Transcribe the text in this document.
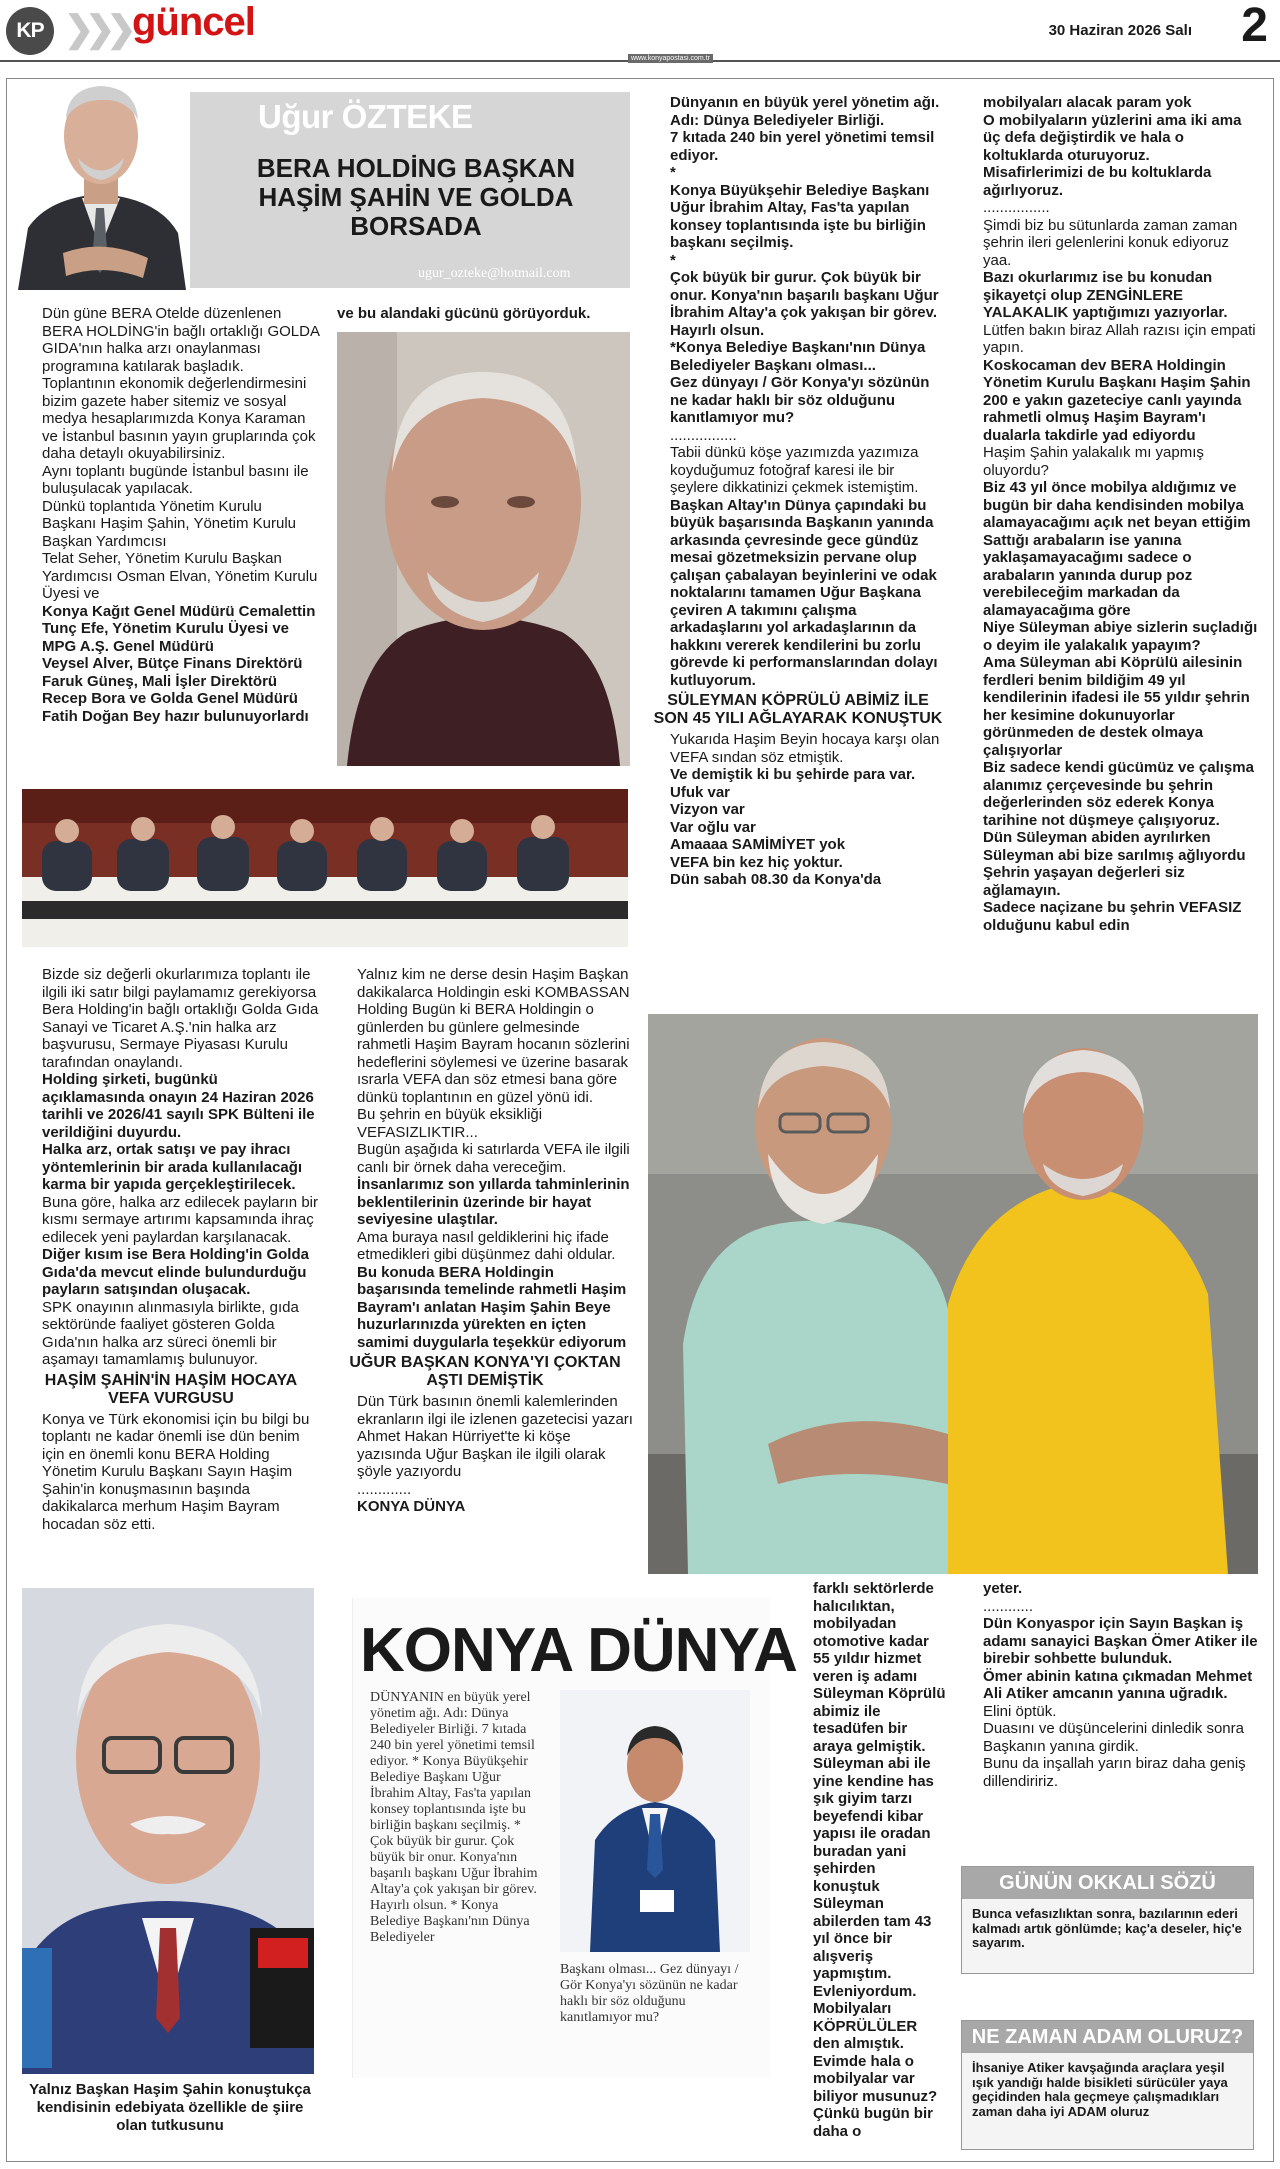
KP ❯❯❯ güncel	30 Haziran 2026 Salı 2
www.konyapostasi.com.tr
Uğur ÖZTEKE
BERA HOLDİNG BAŞKAN HAŞİM ŞAHİN VE GOLDA BORSADA
ugur_ozteke@hotmail.com

Dün güne BERA Otelde düzenlenen BERA HOLDİNG'in bağlı ortaklığı GOLDA GIDA'nın halka arzı onaylanması programına katılarak başladık.

Toplantının ekonomik değerlendirmesini bizim gazete haber sitemiz ve sosyal medya hesaplarımızda Konya Karaman ve İstanbul basının yayın gruplarında çok daha detaylı okuyabilirsiniz.

Aynı toplantı bugünde İstanbul basını ile buluşulacak yapılacak.

Dünkü toplantıda Yönetim Kurulu Başkanı Haşim Şahin, Yönetim Kurulu Başkan Yardımcısı

Telat Seher, Yönetim Kurulu Başkan Yardımcısı Osman Elvan, Yönetim Kurulu Üyesi ve

Konya Kağıt Genel Müdürü Cemalettin Tunç Efe, Yönetim Kurulu Üyesi ve MPG A.Ş. Genel Müdürü

Veysel Alver, Bütçe Finans Direktörü Faruk Güneş, Mali İşler Direktörü Recep Bora ve Golda Genel Müdürü Fatih Doğan Bey hazır bulunuyorlardı

ve bu alandaki gücünü görüyorduk.

Bizde siz değerli okurlarımıza toplantı ile ilgili iki satır bilgi paylamamız gerekiyorsa Bera Holding'in bağlı ortaklığı Golda Gıda Sanayi ve Ticaret A.Ş.'nin halka arz başvurusu, Sermaye Piyasası Kurulu tarafından onaylandı.

Holding şirketi, bugünkü açıklamasında onayın 24 Haziran 2026 tarihli ve 2026/41 sayılı SPK Bülteni ile verildiğini duyurdu.

Halka arz, ortak satışı ve pay ihracı yöntemlerinin bir arada kullanılacağı karma bir yapıda gerçekleştirilecek.

Buna göre, halka arz edilecek payların bir kısmı sermaye artırımı kapsamında ihraç edilecek yeni paylardan karşılanacak.

Diğer kısım ise Bera Holding'in Golda Gıda'da mevcut elinde bulundurduğu payların satışından oluşacak.

SPK onayının alınmasıyla birlikte, gıda sektöründe faaliyet gösteren Golda Gıda'nın halka arz süreci önemli bir aşamayı tamamlamış bulunuyor.

HAŞİM ŞAHİN'İN HAŞİM HOCAYA VEFA VURGUSU

Konya ve Türk ekonomisi için bu bilgi bu toplantı ne kadar önemli ise dün benim için en önemli konu BERA Holding Yönetim Kurulu Başkanı Sayın Haşim Şahin'in konuşmasının başında dakikalarca merhum Haşim Bayram hocadan söz etti.

Yalnız kim ne derse desin Haşim Başkan dakikalarca Holdingin eski KOMBASSAN Holding Bugün ki BERA Holdingin o günlerden bu günlere gelmesinde rahmetli Haşim Bayram hocanın sözlerini hedeflerini söylemesi ve üzerine basarak ısrarla VEFA dan söz etmesi bana göre dünkü toplantının en güzel yönü idi.

Bu şehrin en büyük eksikliği VEFASIZLIKTIR...

Bugün aşağıda ki satırlarda VEFA ile ilgili canlı bir örnek daha vereceğim.

İnsanlarımız son yıllarda tahminlerinin beklentilerinin üzerinde bir hayat seviyesine ulaştılar.

Ama buraya nasıl geldiklerini hiç ifade etmedikleri gibi düşünmez dahi oldular.

Bu konuda BERA Holdingin başarısında temelinde rahmetli Haşim Bayram'ı anlatan Haşim Şahin Beye huzurlarınızda yürekten en içten samimi duygularla teşekkür ediyorum

UĞUR BAŞKAN KONYA'YI ÇOKTAN AŞTI DEMİŞTİK

Dün Türk basının önemli kalemlerinden ekranların ilgi ile izlenen gazetecisi yazarı Ahmet Hakan Hürriyet'te ki köşe yazısında Uğur Başkan ile ilgili olarak şöyle yazıyordu

.............

KONYA DÜNYA

Dünyanın en büyük yerel yönetim ağı.

Adı: Dünya Belediyeler Birliği.

7 kıtada 240 bin yerel yönetimi temsil ediyor.

*

Konya Büyükşehir Belediye Başkanı Uğur İbrahim Altay, Fas'ta yapılan konsey toplantısında işte bu birliğin başkanı seçilmiş.

*

Çok büyük bir gurur. Çok büyük bir onur. Konya'nın başarılı başkanı Uğur İbrahim Altay'a çok yakışan bir görev. Hayırlı olsun.

*Konya Belediye Başkanı'nın Dünya Belediyeler Başkanı olması...

Gez dünyayı / Gör Konya'yı sözünün ne kadar haklı bir söz olduğunu kanıtlamıyor mu?

................

Tabii dünkü köşe yazımızda yazımıza koyduğumuz fotoğraf karesi ile bir şeylere dikkatinizi çekmek istemiştim.

Başkan Altay'ın Dünya çapındaki bu büyük başarısında Başkanın yanında arkasında çevresinde gece gündüz mesai gözetmeksizin pervane olup çalışan çabalayan beyinlerini ve odak noktalarını tamamen Uğur Başkana çeviren A takımını çalışma arkadaşlarını yol arkadaşlarının da hakkını vererek kendilerini bu zorlu görevde ki performanslarından dolayı kutluyorum.

SÜLEYMAN KÖPRÜLÜ ABİMİZ İLE SON 45 YILI AĞLAYARAK KONUŞTUK

Yukarıda Haşim Beyin hocaya karşı olan VEFA sından söz etmiştik.

Ve demiştik ki bu şehirde para var.

Ufuk var

Vizyon var

Var oğlu var

Amaaaa SAMİMİYET yok

VEFA bin kez hiç yoktur.

Dün sabah 08.30 da Konya'da

mobilyaları alacak param yok

O mobilyaların yüzlerini ama iki ama üç defa değiştirdik ve hala o koltuklarda oturuyoruz.

Misafirlerimizi de bu koltuklarda ağırlıyoruz.

................

Şimdi biz bu sütunlarda zaman zaman şehrin ileri gelenlerini konuk ediyoruz yaa.

Bazı okurlarımız ise bu konudan şikayetçi olup ZENGİNLERE YALAKALIK yaptığımızı yazıyorlar.

Lütfen bakın biraz Allah razısı için empati yapın.

Koskocaman dev BERA Holdingin Yönetim Kurulu Başkanı Haşim Şahin 200 e yakın gazeteciye canlı yayında rahmetli olmuş Haşim Bayram'ı dualarla takdirle yad ediyordu

Haşim Şahin yalakalık mı yapmış oluyordu?

Biz 43 yıl önce mobilya aldığımız ve bugün bir daha kendisinden mobilya alamayacağımı açık net beyan ettiğim

Sattığı arabaların ise yanına yaklaşamayacağımı sadece o arabaların yanında durup poz verebileceğim markadan da alamayacağıma göre

Niye Süleyman abiye sizlerin suçladığı o deyim ile yalakalık yapayım?

Ama Süleyman abi Köprülü ailesinin ferdleri benim bildiğim 49 yıl kendilerinin ifadesi ile 55 yıldır şehrin her kesimine dokunuyorlar görünmeden de destek olmaya çalışıyorlar

Biz sadece kendi gücümüz ve çalışma alanımız çerçevesinde bu şehrin değerlerinden söz ederek Konya tarihine not düşmeye çalışıyoruz.

Dün Süleyman abiden ayrılırken Süleyman abi bize sarılmış ağlıyordu

Şehrin yaşayan değerleri siz ağlamayın.

Sadece naçizane bu şehrin VEFASIZ olduğunu kabul edin

farklı sektörlerde halıcılıktan, mobilyadan otomotive kadar 55 yıldır hizmet veren iş adamı Süleyman Köprülü abimiz ile tesadüfen bir araya gelmiştik.

Süleyman abi ile yine kendine has şık giyim tarzı beyefendi kibar yapısı ile oradan buradan yani şehirden konuştuk

Süleyman abilerden tam 43 yıl önce bir alışveriş yapmıştım.

Evleniyordum.

Mobilyaları KÖPRÜLÜLER den almıştık.

Evimde hala o mobilyalar var biliyor musunuz?

Çünkü bugün bir daha o

yeter.

............

Dün Konyaspor için Sayın Başkan iş adamı sanayici Başkan Ömer Atiker ile birebir sohbette bulunduk.

Ömer abinin katına çıkmadan Mehmet Ali Atiker amcanın yanına uğradık.

Elini öptük.

Duasını ve düşüncelerini dinledik sonra Başkanın yanına girdik.

Bunu da inşallah yarın biraz daha geniş dillendiririz.

GÜNÜN OKKALI SÖZÜ
Bunca vefasızlıktan sonra, bazılarının ederi kalmadı artık gönlümde; kaç'a deseler, hiç'e sayarım.
NE ZAMAN ADAM OLURUZ?
İhsaniye Atiker kavşağında araçlara yeşil ışık yandığı halde bisikleti sürücüler yaya geçidinden hala geçmeye çalışmadıkları zaman daha iyi ADAM oluruz
Yalnız Başkan Haşim Şahin konuştukça kendisinin edebiyata özellikle de şiire olan tutkusunu
KONYA DÜNYA
DÜNYANIN en büyük yerel yönetim ağı. Adı: Dünya Belediyeler Birliği. 7 kıtada 240 bin yerel yönetimi temsil ediyor. * Konya Büyükşehir Belediye Başkanı Uğur İbrahim Altay, Fas'ta yapılan konsey toplantısında işte bu birliğin başkanı seçilmiş. * Çok büyük bir gurur. Çok büyük bir onur. Konya'nın başarılı başkanı Uğur İbrahim Altay'a çok yakışan bir görev. Hayırlı olsun. * Konya Belediye Başkanı'nın Dünya Belediyeler
Başkanı olması... Gez dünyayı / Gör Konya'yı sözünün ne kadar haklı bir söz olduğunu kanıtlamıyor mu?
